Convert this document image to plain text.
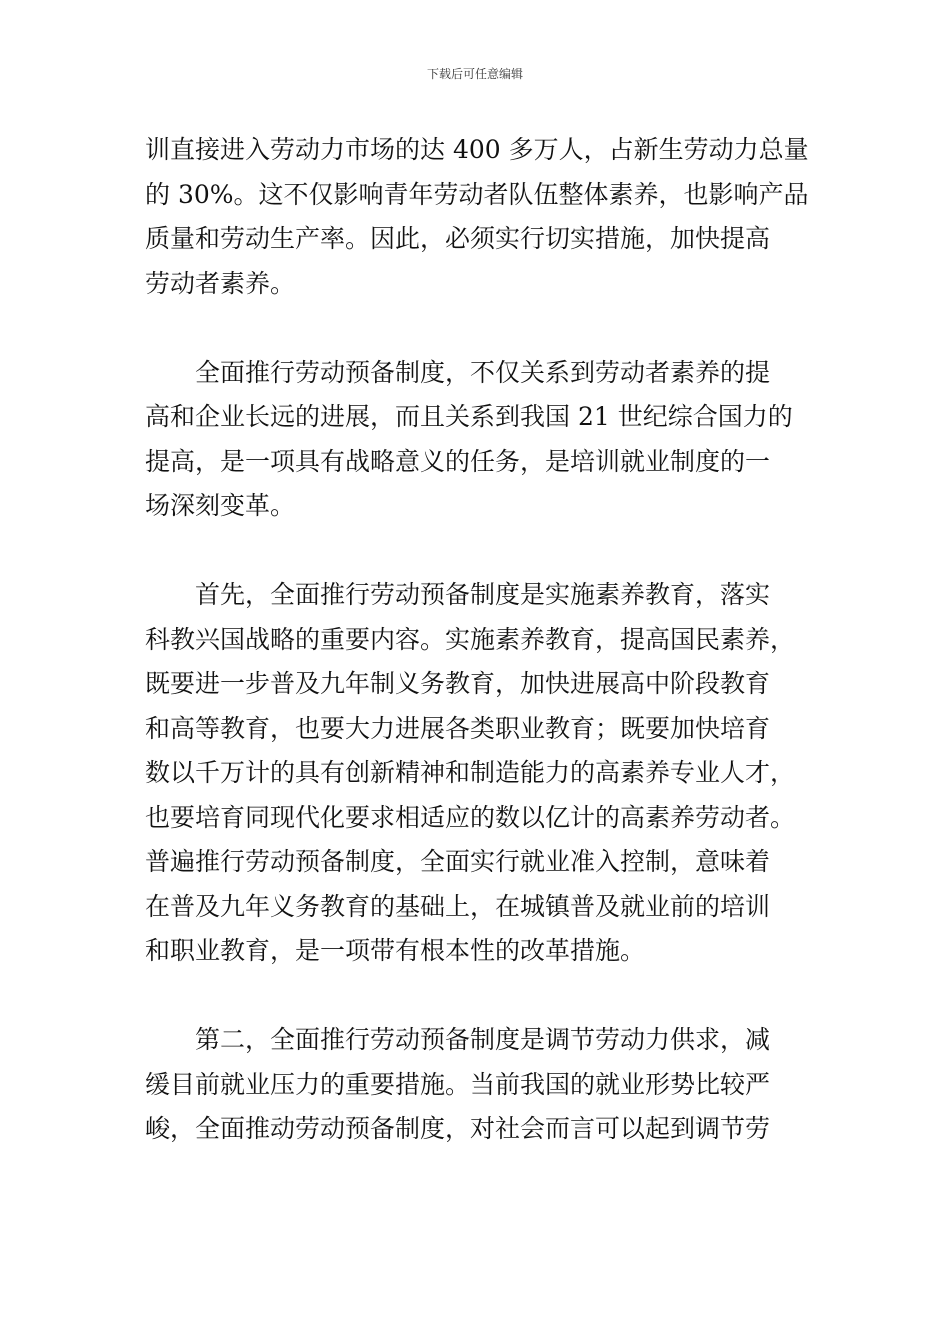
下载后可任意编辑
训直接进入劳动力市场的达 400 多万人，占新生劳动力总量
的 30%。这不仅影响青年劳动者队伍整体素养，也影响产品
质量和劳动生产率。因此，必须实行切实措施，加快提高
劳动者素养。
全面推行劳动预备制度，不仅关系到劳动者素养的提
高和企业长远的进展，而且关系到我国 21 世纪综合国力的
提高，是一项具有战略意义的任务，是培训就业制度的一
场深刻变革。
首先，全面推行劳动预备制度是实施素养教育，落实
科教兴国战略的重要内容。实施素养教育，提高国民素养，
既要进一步普及九年制义务教育，加快进展高中阶段教育
和高等教育，也要大力进展各类职业教育；既要加快培育
数以千万计的具有创新精神和制造能力的高素养专业人才，
也要培育同现代化要求相适应的数以亿计的高素养劳动者。
普遍推行劳动预备制度，全面实行就业准入控制，意味着
在普及九年义务教育的基础上，在城镇普及就业前的培训
和职业教育，是一项带有根本性的改革措施。
第二，全面推行劳动预备制度是调节劳动力供求，减
缓目前就业压力的重要措施。当前我国的就业形势比较严
峻，全面推动劳动预备制度，对社会而言可以起到调节劳
